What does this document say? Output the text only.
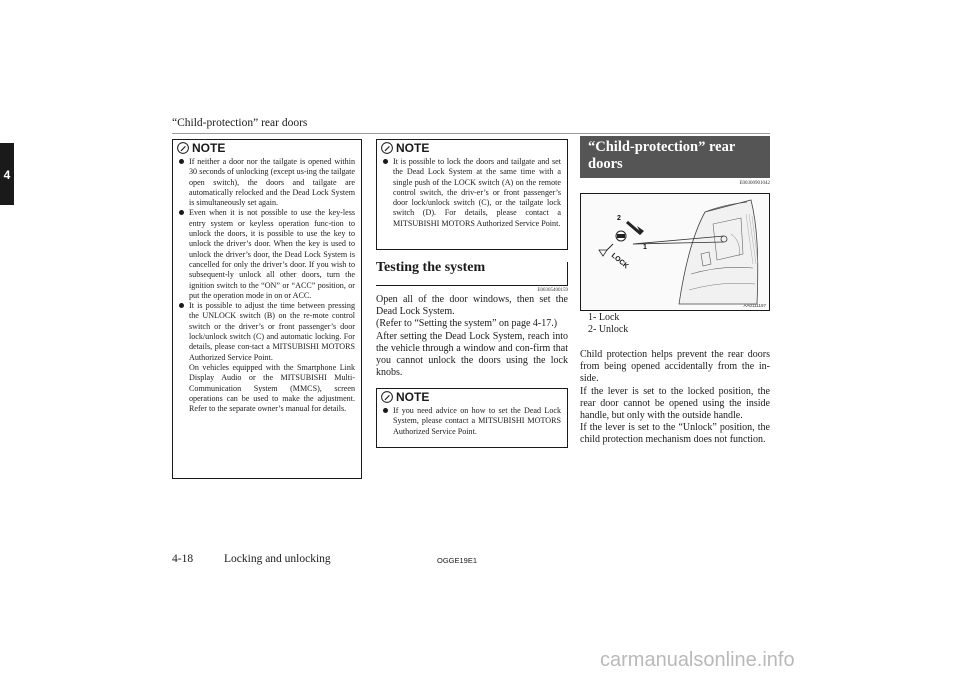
“Child-protection” rear doors
4
NOTE
If neither a door nor the tailgate is opened within 30 seconds of unlocking (except us-ing the tailgate open switch), the doors and tailgate are automatically relocked and the Dead Lock System is simultaneously set again.
Even when it is not possible to use the key-less entry system or keyless operation func-tion to unlock the doors, it is possible to use the key to unlock the driver’s door. When the key is used to unlock the driver’s door, the Dead Lock System is cancelled for only the driver’s door. If you wish to subsequent-ly unlock all other doors, turn the ignition switch to the “ON” or “ACC” position, or put the operation mode in on or ACC.
It is possible to adjust the time between pressing the UNLOCK switch (B) on the re-mote control switch or the driver’s or front passenger’s door lock/unlock switch (C) and automatic locking. For details, please con-tact a MITSUBISHI MOTORS Authorized Service Point.
On vehicles equipped with the Smartphone Link Display Audio or the MITSUBISHI Multi-Communication System (MMCS), screen operations can be used to make the adjustment. Refer to the separate owner’s manual for details.
NOTE
It is possible to lock the doors and tailgate and set the Dead Lock System at the same time with a single push of the LOCK switch (A) on the remote control switch, the driv-er’s or front passenger’s door lock/unlock switch (C), or the tailgate lock switch (D). For details, please contact a MITSUBISHI MOTORS Authorized Service Point.
Testing the system
E00305400159

Open all of the door windows, then set the Dead Lock System.

(Refer to “Setting the system” on page 4-17.)

After setting the Dead Lock System, reach into the vehicle through a window and con-firm that you cannot unlock the doors using the lock knobs.

NOTE
If you need advice on how to set the Dead Lock System, please contact a MITSUBISHI MOTORS Authorized Service Point.
“Child-protection” rear
doors
E00300901042
2
1
LOCK
AA0111197
1- Lock
2- Unlock

Child protection helps prevent the rear doors from being opened accidentally from the in-side.

If the lever is set to the locked position, the rear door cannot be opened using the inside handle, but only with the outside handle.

If the lever is set to the “Unlock” position, the child protection mechanism does not function.

4-18	Locking and unlocking	OGGE19E1
carmanualsonline.info
